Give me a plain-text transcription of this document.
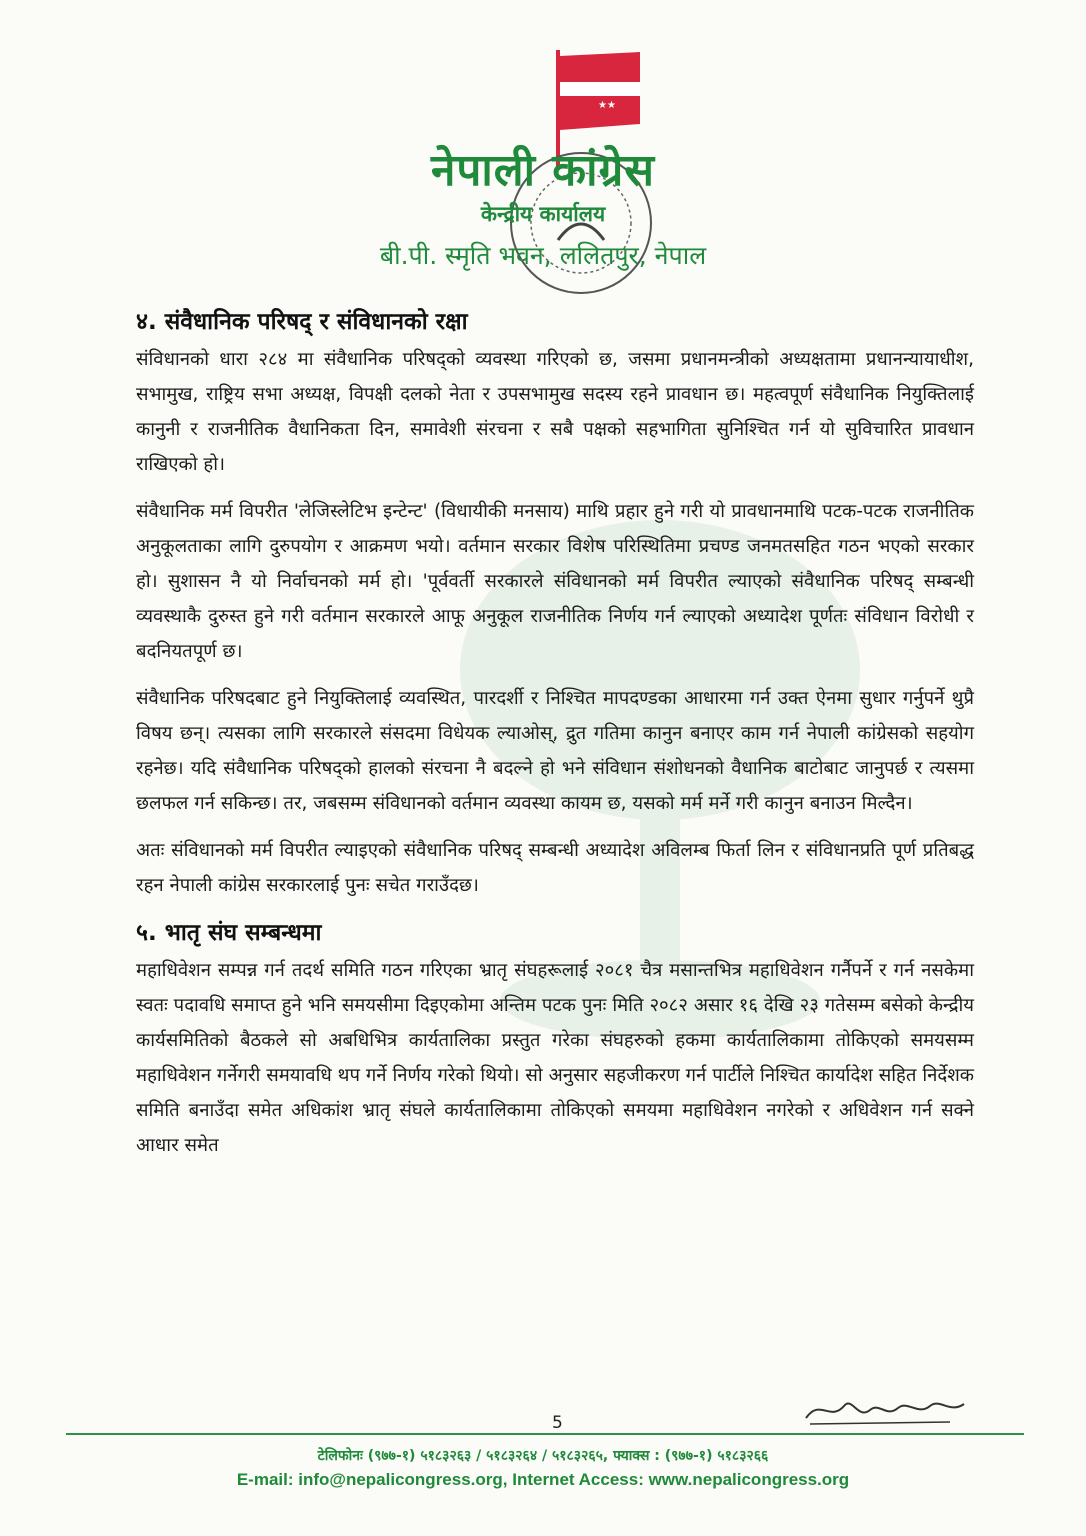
★★
★★
नेपाली कांग्रेस
केन्द्रीय कार्यालय
बी.पी. स्मृति भवन, ललितपुर, नेपाल
४. संवैधानिक परिषद् र संविधानको रक्षा

संविधानको धारा २८४ मा संवैधानिक परिषद्को व्यवस्था गरिएको छ, जसमा प्रधानमन्त्रीको अध्यक्षतामा प्रधानन्यायाधीश, सभामुख, राष्ट्रिय सभा अध्यक्ष, विपक्षी दलको नेता र उपसभामुख सदस्य रहने प्रावधान छ। महत्वपूर्ण संवैधानिक नियुक्तिलाई कानुनी र राजनीतिक वैधानिकता दिन, समावेशी संरचना र सबै पक्षको सहभागिता सुनिश्चित गर्न यो सुविचारित प्रावधान राखिएको हो।

संवैधानिक मर्म विपरीत 'लेजिस्लेटिभ इन्टेन्ट' (विधायीकी मनसाय) माथि प्रहार हुने गरी यो प्रावधानमाथि पटक-पटक राजनीतिक अनुकूलताका लागि दुरुपयोग र आक्रमण भयो। वर्तमान सरकार विशेष परिस्थितिमा प्रचण्ड जनमतसहित गठन भएको सरकार हो। सुशासन नै यो निर्वाचनको मर्म हो। 'पूर्ववर्ती सरकारले संविधानको मर्म विपरीत ल्याएको संवैधानिक परिषद् सम्बन्धी व्यवस्थाकै दुरुस्त हुने गरी वर्तमान सरकारले आफू अनुकूल राजनीतिक निर्णय गर्न ल्याएको अध्यादेश पूर्णतः संविधान विरोधी र बदनियतपूर्ण छ।

संवैधानिक परिषदबाट हुने नियुक्तिलाई व्यवस्थित, पारदर्शी र निश्चित मापदण्डका आधारमा गर्न उक्त ऐनमा सुधार गर्नुपर्ने थुप्रै विषय छन्। त्यसका लागि सरकारले संसदमा विधेयक ल्याओस्, द्रुत गतिमा कानुन बनाएर काम गर्न नेपाली कांग्रेसको सहयोग रहनेछ। यदि संवैधानिक परिषद्को हालको संरचना नै बदल्ने हो भने संविधान संशोधनको वैधानिक बाटोबाट जानुपर्छ र त्यसमा छलफल गर्न सकिन्छ। तर, जबसम्म संविधानको वर्तमान व्यवस्था कायम छ, यसको मर्म मर्ने गरी कानुन बनाउन मिल्दैन।

अतः संविधानको मर्म विपरीत ल्याइएको संवैधानिक परिषद् सम्बन्धी अध्यादेश अविलम्ब फिर्ता लिन र संविधानप्रति पूर्ण प्रतिबद्ध रहन नेपाली कांग्रेस सरकारलाई पुनः सचेत गराउँदछ।

५. भातृ संघ सम्बन्धमा

महाधिवेशन सम्पन्न गर्न तदर्थ समिति गठन गरिएका भ्रातृ संघहरूलाई २०८१ चैत्र मसान्तभित्र महाधिवेशन गर्नैपर्ने र गर्न नसकेमा स्वतः पदावधि समाप्त हुने भनि समयसीमा दिइएकोमा अन्तिम पटक पुनः मिति २०८२ असार १६ देखि २३ गतेसम्म बसेको केन्द्रीय कार्यसमितिको बैठकले सो अबधिभित्र कार्यतालिका प्रस्तुत गरेका संघहरुको हकमा कार्यतालिकामा तोकिएको समयसम्म महाधिवेशन गर्नेगरी समयावधि थप गर्ने निर्णय गरेको थियो। सो अनुसार सहजीकरण गर्न पार्टीले निश्चित कार्यादेश सहित निर्देशक समिति बनाउँदा समेत अधिकांश भ्रातृ संघले कार्यतालिकामा तोकिएको समयमा महाधिवेशन नगरेको र अधिवेशन गर्न सक्ने आधार समेत

5
टेलिफोनः (९७७-१) ५१८३२६३ / ५१८३२६४ / ५१८३२६५, फ्याक्स : (९७७-१) ५१८३२६६
E-mail: info@nepalicongress.org, Internet Access: www.nepalicongress.org
